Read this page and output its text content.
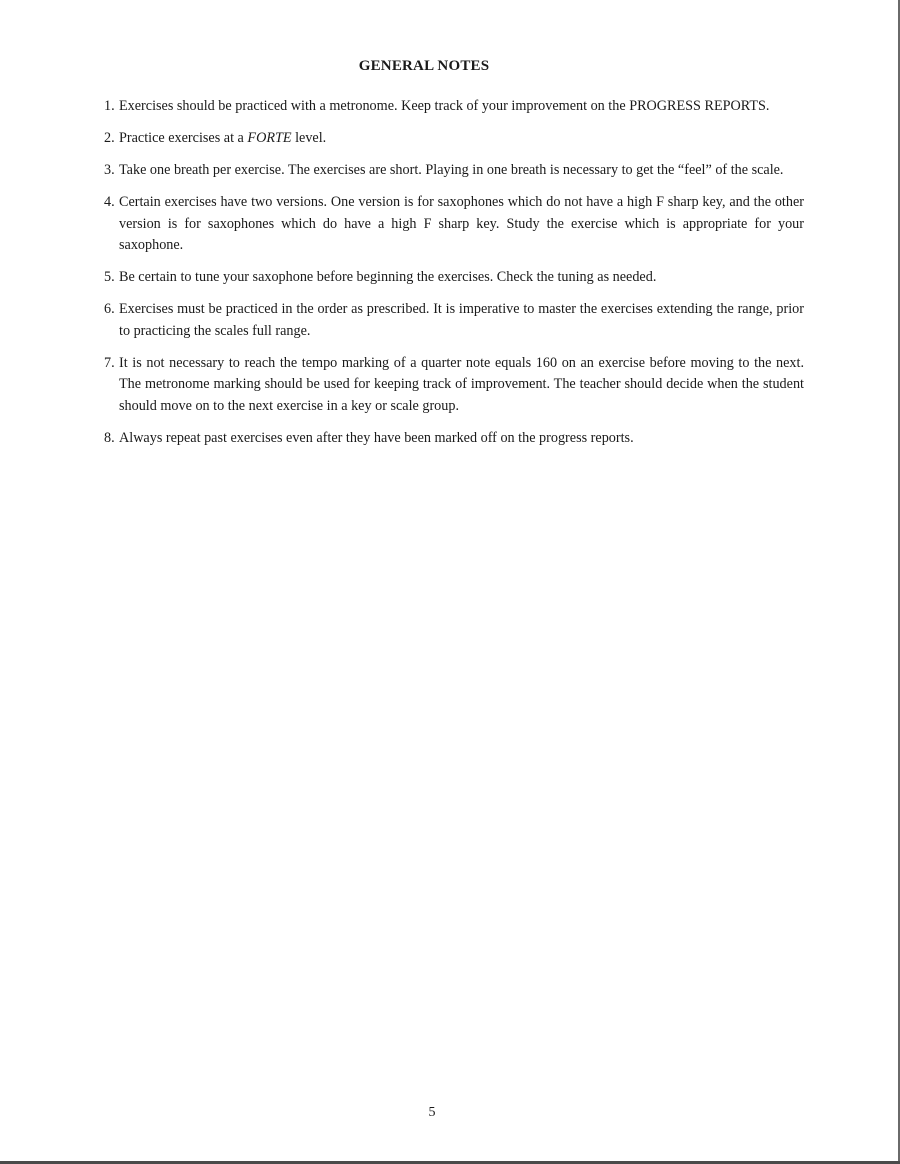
GENERAL NOTES
1. Exercises should be practiced with a metronome. Keep track of your improvement on the PROGRESS REPORTS.
2. Practice exercises at a FORTE level.
3. Take one breath per exercise. The exercises are short. Playing in one breath is necessary to get the “feel” of the scale.
4. Certain exercises have two versions. One version is for saxophones which do not have a high F sharp key, and the other version is for saxophones which do have a high F sharp key. Study the exercise which is appropriate for your saxophone.
5. Be certain to tune your saxophone before beginning the exercises. Check the tuning as needed.
6. Exercises must be practiced in the order as prescribed. It is imperative to master the exercises extending the range, prior to practicing the scales full range.
7. It is not necessary to reach the tempo marking of a quarter note equals 160 on an exercise before moving to the next. The metronome marking should be used for keeping track of improvement. The teacher should decide when the student should move on to the next exercise in a key or scale group.
8. Always repeat past exercises even after they have been marked off on the progress reports.
5
